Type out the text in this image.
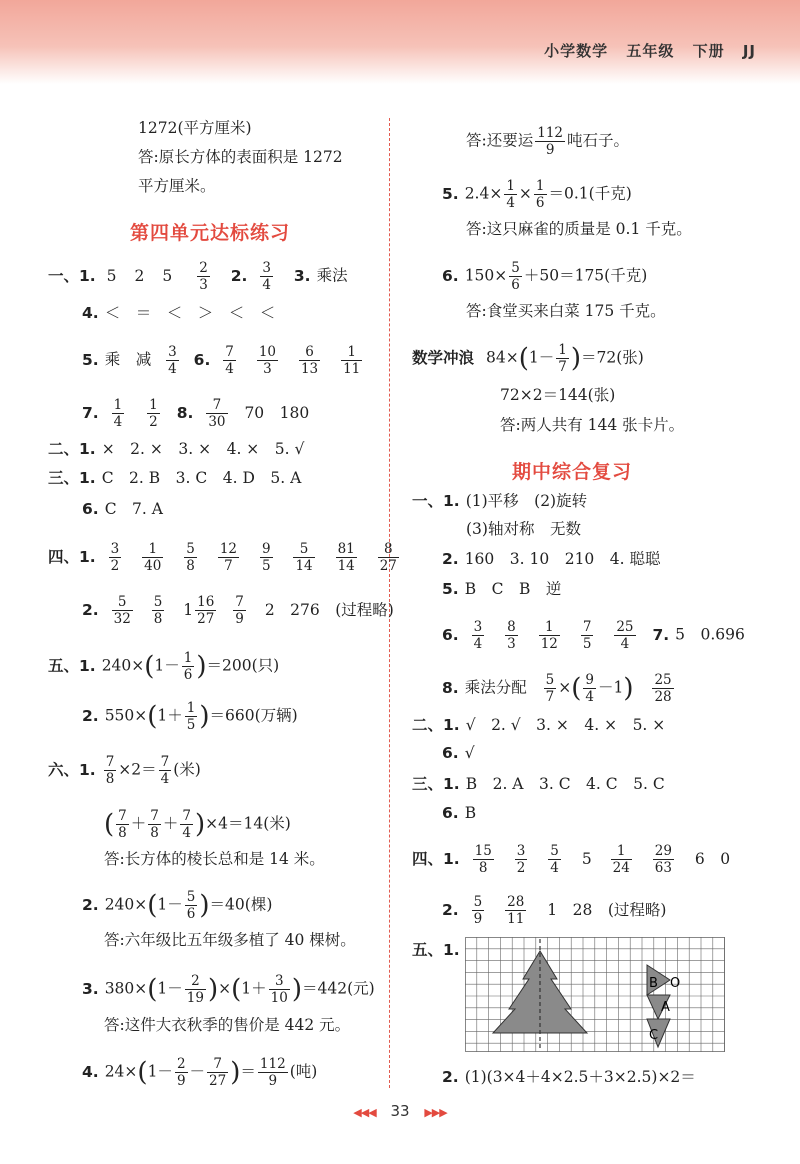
小学数学 五年级 下册 JJ
1272(平方厘米)
答:原长方体的表面积是 1272
平方厘米。
第四单元达标练习
一、1. 5 2 $5 \frac{2}{3} 2$. $\frac{3}{4} 3$. 乘法
4. ＜　＝　＜　＞　＜　＜
5. 乘　减 $\frac{3}{4} 6$. $\frac{7}{4}$
$\frac{10}{3}$
$\frac{6}{13}$
$\frac{1}{11}$
7. $\frac{1}{4}$
$\frac{1}{2} 8$. $\frac{7}{30} 70$　180
二、1. ×　2. ×　3. ×　4. ×　5. √
三、1. C　2. B　3. C　4. D　5. A
6. C　7. A
四、1. $\frac{3}{2}$
$\frac{1}{40}$
$\frac{5}{8}$
$\frac{12}{7}$
$\frac{9}{5}$
$\frac{5}{14}$
$\frac{81}{14}$
$\frac{8}{27}$
2. $\frac{5}{32}$
$\frac{5}{8} 1 \frac{16}{27}$
$\frac{7}{9} 2$　276　(过程略)
五、1. $240\times(1- \frac{1}{6} )=200$(只)
2. $550\times(1+ \frac{1}{5} )=660$(万辆)
六、1. $\frac{7}{8} \times 2= \frac{7}{4}$ (米)
( $\frac{7}{8} + \frac{7}{8} + \frac{7}{4} )\times 4=14$(米)
答:长方体的棱长总和是 14 米。
2. $240\times(1- \frac{5}{6} )=40$(棵)
答:六年级比五年级多植了 40 棵树。
3. $380\times(1- \frac{2}{19} )\times(1+ \frac{3}{10} )=442$(元)
答:这件大衣秋季的售价是 442 元。
4. $24\times(1- \frac{2}{9} - \frac{7}{27}$ )＝ $\frac{112}{9}$ (吨)
答:还要运 $\frac{112}{9}$ 吨石子。
5. $2.4\times \frac{1}{4} \times \frac{1}{6} =0.1$(千克)
答:这只麻雀的质量是 0.1 千克。
6. $150\times \frac{5}{6} +50=175$(千克)
答:食堂买来白菜 175 千克。
数学冲浪 $84\times(1- \frac{1}{7} )=72$(张)
72×2＝144(张)
答:两人共有 144 张卡片。
期中综合复习
一、1. (1)平移　(2)旋转
(3)轴对称　无数
2. 160　3. 10　210　4. 聪聪
5. B　C　B　逆
6. $\frac{3}{4}$
$\frac{8}{3}$
$\frac{1}{12}$
$\frac{7}{5}$
$\frac{25}{4} 7$. 5　0.696
8. 乘法分配 $\frac{5}{7}$ ×( $\frac{9}{4} -1) \frac{25}{28}$
二、1. √　2. √　3. ×　4. ×　5. ×
6. √
三、1. B　2. A　3. C　4. C　5. C
6. B
四、1. $\frac{15}{8}$
$\frac{3}{2}$
$\frac{5}{4} 5 \frac{1}{24}$
$\frac{29}{63} 6$　0
2. $\frac{5}{9}$
$\frac{28}{11} 1$　28　(过程略)
五、1.
B O
A
C
2. (1)(3×4＋4×2.5＋3×2.5)×2＝
◀◀◀ 33 ▶▶▶
